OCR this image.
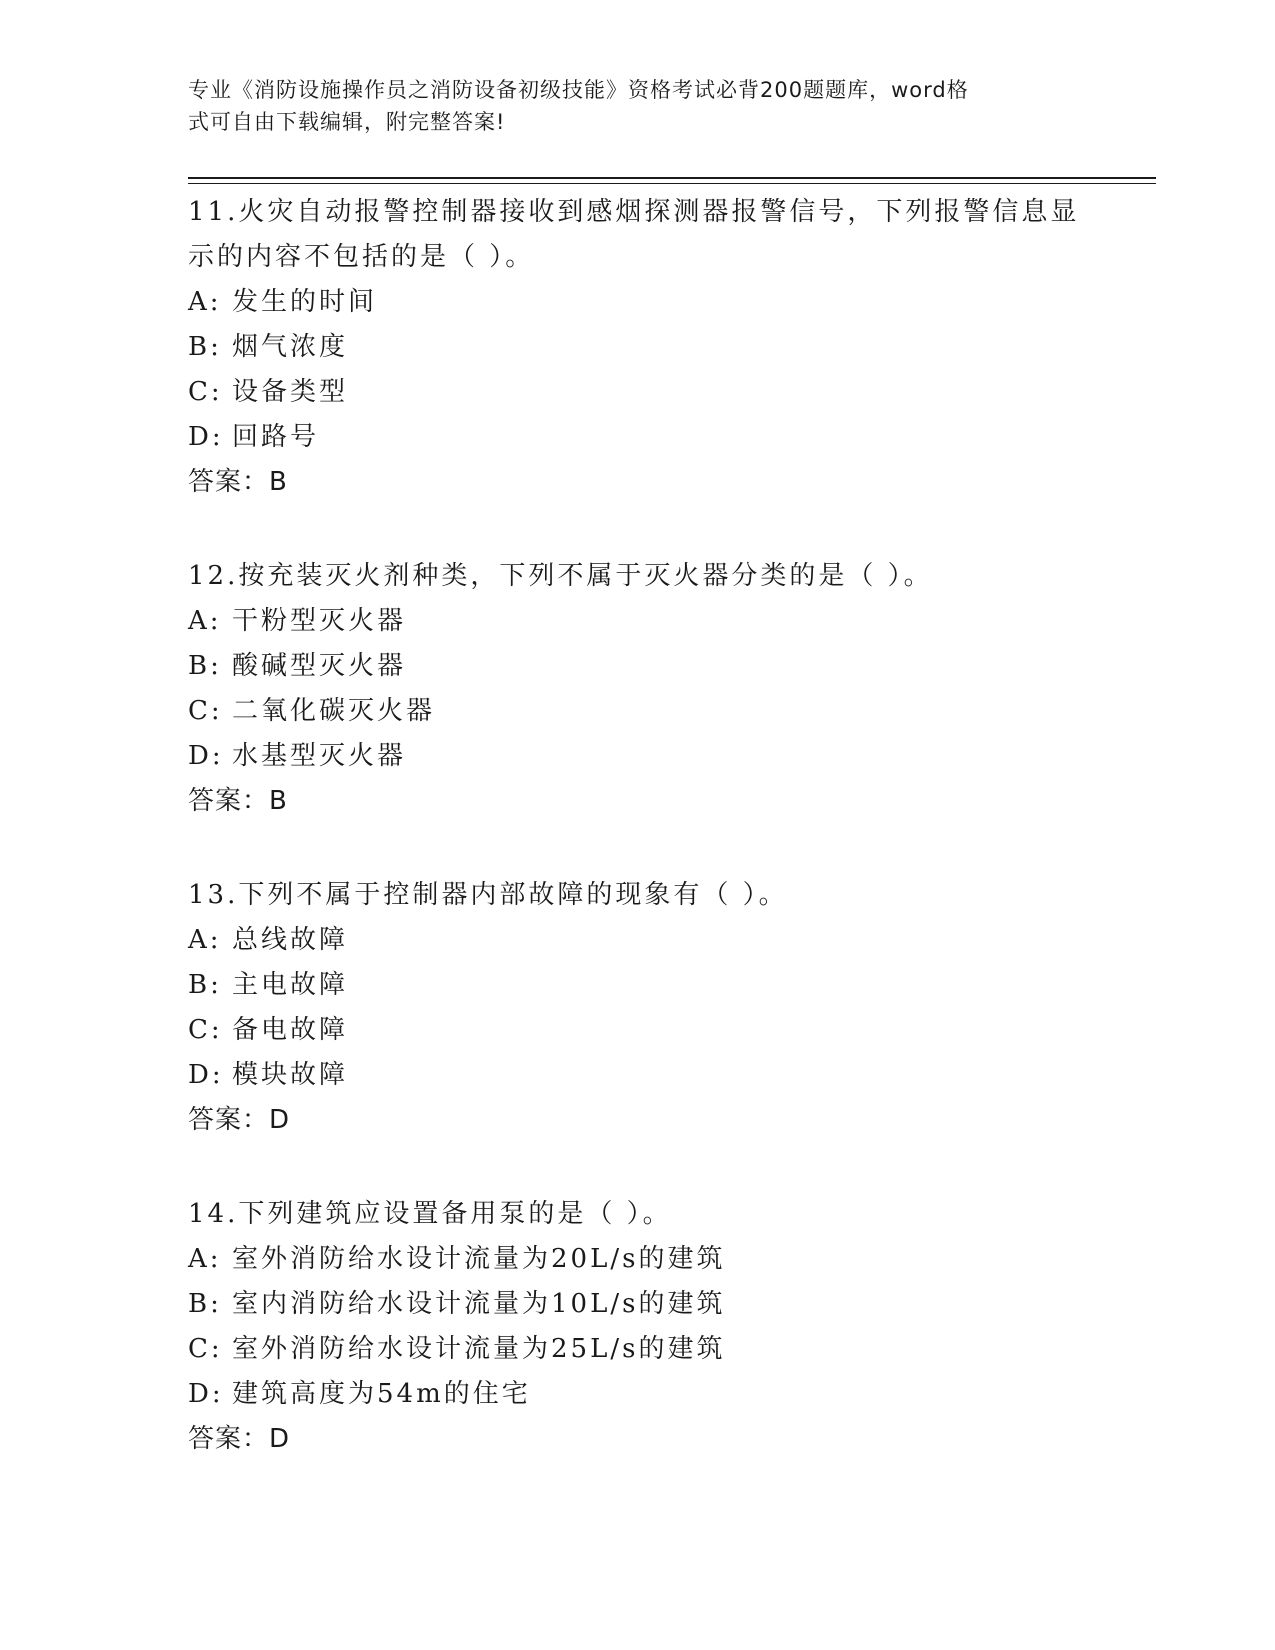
专业《消防设施操作员之消防设备初级技能》资格考试必背200题题库，word格
式可自由下载编辑，附完整答案!
11.火灾自动报警控制器接收到感烟探测器报警信号，下列报警信息显
示的内容不包括的是（ ）。
A: 发生的时间
B: 烟气浓度
C: 设备类型
D: 回路号
答案：B
12.按充装灭火剂种类，下列不属于灭火器分类的是（ ）。
A: 干粉型灭火器
B: 酸碱型灭火器
C: 二氧化碳灭火器
D: 水基型灭火器
答案：B
13.下列不属于控制器内部故障的现象有（ ）。
A: 总线故障
B: 主电故障
C: 备电故障
D: 模块故障
答案：D
14.下列建筑应设置备用泵的是（ ）。
A: 室外消防给水设计流量为20L/s的建筑
B: 室内消防给水设计流量为10L/s的建筑
C: 室外消防给水设计流量为25L/s的建筑
D: 建筑高度为54m的住宅
答案：D
